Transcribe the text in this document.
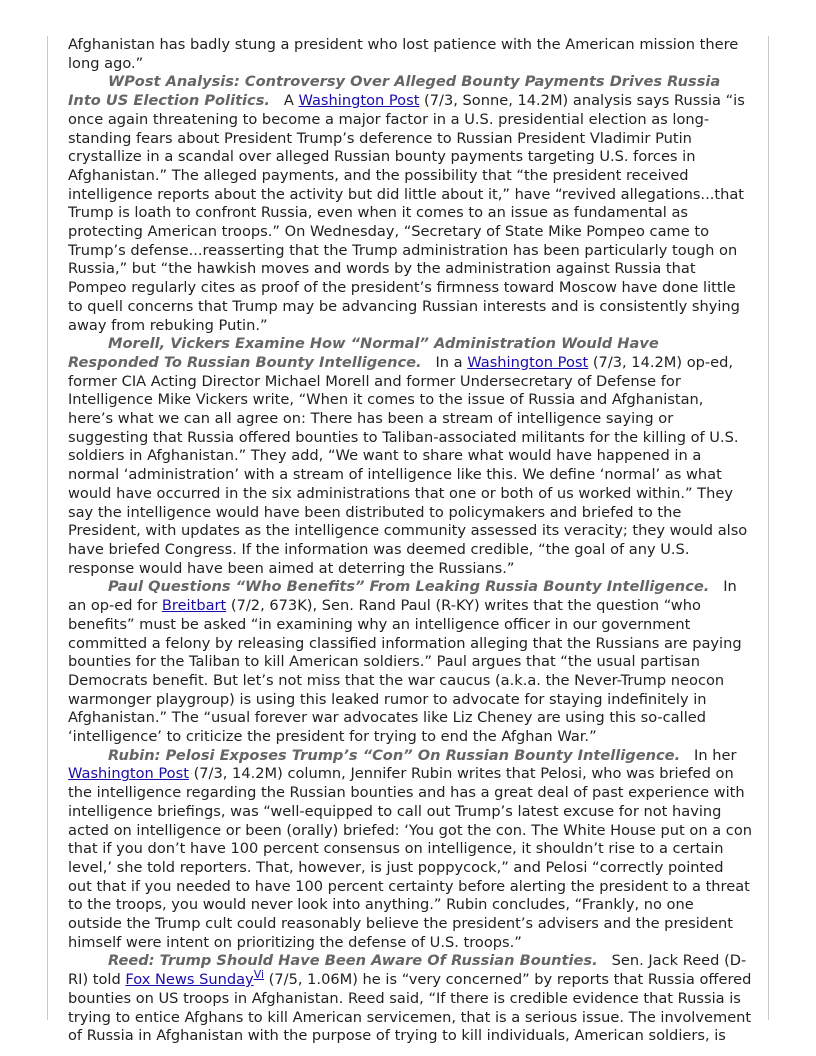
Afghanistan has badly stung a president who lost patience with the American mission there long ago.”

WPost Analysis: Controversy Over Alleged Bounty Payments Drives Russia Into US Election Politics. A Washington Post (7/3, Sonne, 14.2M) analysis says Russia “is once again threatening to become a major factor in a U.S. presidential election as long-standing fears about President Trump’s deference to Russian President Vladimir Putin crystallize in a scandal over alleged Russian bounty payments targeting U.S. forces in Afghanistan.” The alleged payments, and the possibility that “the president received intelligence reports about the activity but did little about it,” have “revived allegations...that Trump is loath to confront Russia, even when it comes to an issue as fundamental as protecting American troops.” On Wednesday, “Secretary of State Mike Pompeo came to Trump’s defense...reasserting that the Trump administration has been particularly tough on Russia,” but “the hawkish moves and words by the administration against Russia that Pompeo regularly cites as proof of the president’s firmness toward Moscow have done little to quell concerns that Trump may be advancing Russian interests and is consistently shying away from rebuking Putin.”

Morell, Vickers Examine How “Normal” Administration Would Have Responded To Russian Bounty Intelligence. In a Washington Post (7/3, 14.2M) op-ed, former CIA Acting Director Michael Morell and former Undersecretary of Defense for Intelligence Mike Vickers write, “When it comes to the issue of Russia and Afghanistan, here’s what we can all agree on: There has been a stream of intelligence saying or suggesting that Russia offered bounties to Taliban-associated militants for the killing of U.S. soldiers in Afghanistan.” They add, “We want to share what would have happened in a normal ‘administration’ with a stream of intelligence like this. We define ‘normal’ as what would have occurred in the six administrations that one or both of us worked within.” They say the intelligence would have been distributed to policymakers and briefed to the President, with updates as the intelligence community assessed its veracity; they would also have briefed Congress. If the information was deemed credible, “the goal of any U.S. response would have been aimed at deterring the Russians.”

Paul Questions “Who Benefits” From Leaking Russia Bounty Intelligence. In an op-ed for Breitbart (7/2, 673K), Sen. Rand Paul (R-KY) writes that the question “who benefits” must be asked “in examining why an intelligence officer in our government committed a felony by releasing classified information alleging that the Russians are paying bounties for the Taliban to kill American soldiers.” Paul argues that “the usual partisan Democrats benefit. But let’s not miss that the war caucus (a.k.a. the Never-Trump neocon warmonger playgroup) is using this leaked rumor to advocate for staying indefinitely in Afghanistan.” The “usual forever war advocates like Liz Cheney are using this so-called ‘intelligence’ to criticize the president for trying to end the Afghan War.”

Rubin: Pelosi Exposes Trump’s “Con” On Russian Bounty Intelligence. In her Washington Post (7/3, 14.2M) column, Jennifer Rubin writes that Pelosi, who was briefed on the intelligence regarding the Russian bounties and has a great deal of past experience with intelligence briefings, was “well-equipped to call out Trump’s latest excuse for not having acted on intelligence or been (orally) briefed: ‘You got the con. The White House put on a con that if you don’t have 100 percent consensus on intelligence, it shouldn’t rise to a certain level,’ she told reporters. That, however, is just poppycock,” and Pelosi “correctly pointed out that if you needed to have 100 percent certainty before alerting the president to a threat to the troops, you would never look into anything.” Rubin concludes, “Frankly, no one outside the Trump cult could reasonably believe the president’s advisers and the president himself were intent on prioritizing the defense of U.S. troops.”

Reed: Trump Should Have Been Aware Of Russian Bounties. Sen. Jack Reed (D-RI) told Fox News Sunday$^{Vi}$ (7/5, 1.06M) he is “very concerned” by reports that Russia offered bounties on US troops in Afghanistan. Reed said, “If there is credible evidence that Russia is trying to entice Afghans to kill American servicemen, that is a serious issue. The involvement of Russia in Afghanistan with the purpose of trying to kill individuals, American soldiers, is
